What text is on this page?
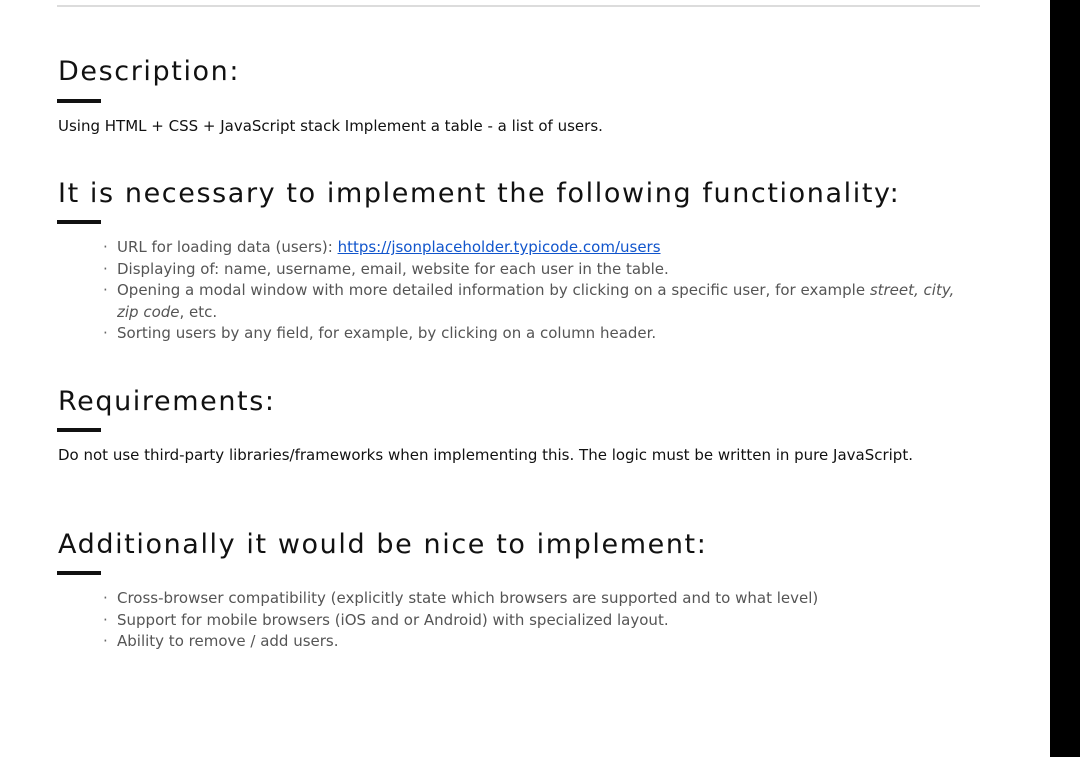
Description:

Using HTML + CSS + JavaScript stack Implement a table - a list of users.

It is necessary to implement the following functionality:
· URL for loading data (users): https://jsonplaceholder.typicode.com/users
· Displaying of: name, username, email, website for each user in the table.
· Opening a modal window with more detailed information by clicking on a specific user, for example street, city, zip code, etc.
· Sorting users by any field, for example, by clicking on a column header.
Requirements:

Do not use third-party libraries/frameworks when implementing this. The logic must be written in pure JavaScript.

Additionally it would be nice to implement:
· Cross-browser compatibility (explicitly state which browsers are supported and to what level)
· Support for mobile browsers (iOS and or Android) with specialized layout.
· Ability to remove / add users.
